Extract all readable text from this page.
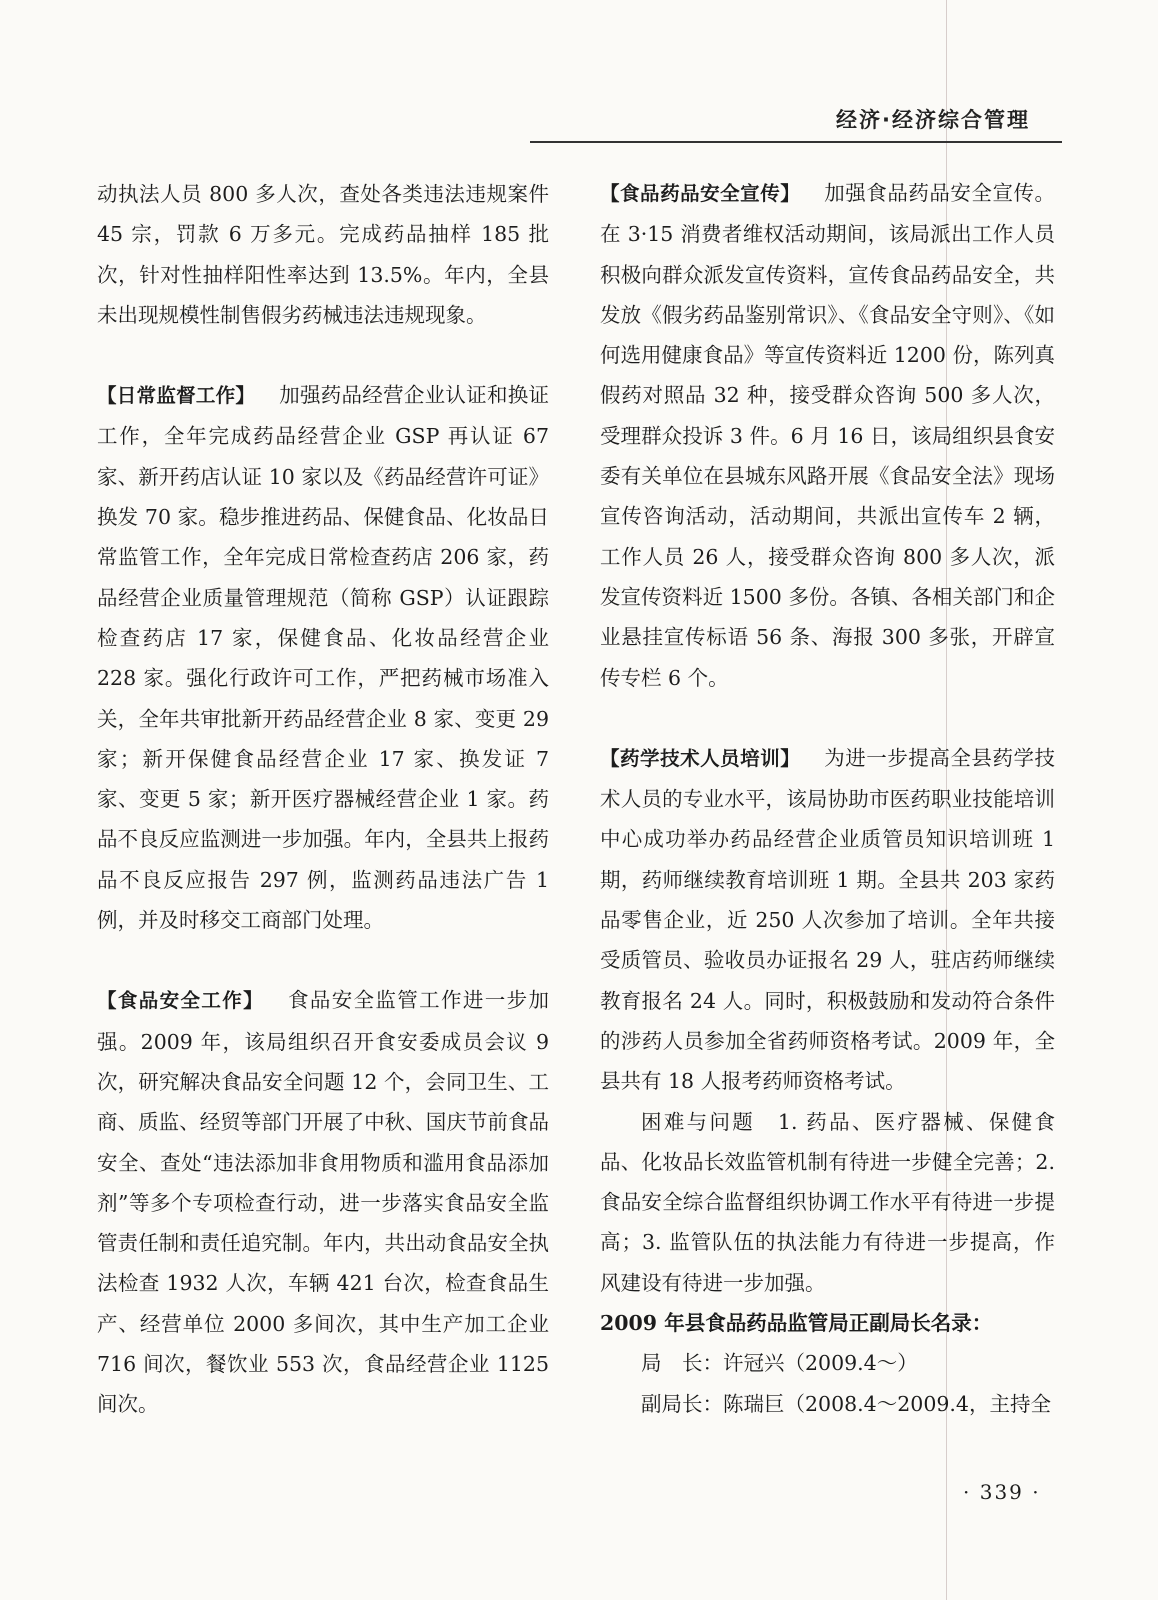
经济·经济综合管理

动执法人员 800 多人次，查处各类违法违规案件 45 宗，罚款 6 万多元。完成药品抽样 185 批次，针对性抽样阳性率达到 13.5%。年内，全县未出现规模性制售假劣药械违法违规现象。

【日常监督工作】 加强药品经营企业认证和换证工作，全年完成药品经营企业 GSP 再认证 67 家、新开药店认证 10 家以及《药品经营许可证》换发 70 家。稳步推进药品、保健食品、化妆品日常监管工作，全年完成日常检查药店 206 家，药品经营企业质量管理规范（简称 GSP）认证跟踪检查药店 17 家，保健食品、化妆品经营企业 228 家。强化行政许可工作，严把药械市场准入关，全年共审批新开药品经营企业 8 家、变更 29 家；新开保健食品经营企业 17 家、换发证 7 家、变更 5 家；新开医疗器械经营企业 1 家。药品不良反应监测进一步加强。年内，全县共上报药品不良反应报告 297 例，监测药品违法广告 1 例，并及时移交工商部门处理。

【食品安全工作】 食品安全监管工作进一步加强。2009 年，该局组织召开食安委成员会议 9 次，研究解决食品安全问题 12 个，会同卫生、工商、质监、经贸等部门开展了中秋、国庆节前食品安全、查处“违法添加非食用物质和滥用食品添加剂”等多个专项检查行动，进一步落实食品安全监管责任制和责任追究制。年内，共出动食品安全执法检查 1932 人次，车辆 421 台次，检查食品生产、经营单位 2000 多间次，其中生产加工企业 716 间次，餐饮业 553 次，食品经营企业 1125 间次。

【食品药品安全宣传】 加强食品药品安全宣传。在 3·15 消费者维权活动期间，该局派出工作人员积极向群众派发宣传资料，宣传食品药品安全，共发放《假劣药品鉴别常识》、《食品安全守则》、《如何选用健康食品》等宣传资料近 1200 份，陈列真假药对照品 32 种，接受群众咨询 500 多人次，受理群众投诉 3 件。6 月 16 日，该局组织县食安委有关单位在县城东风路开展《食品安全法》现场宣传咨询活动，活动期间，共派出宣传车 2 辆，工作人员 26 人，接受群众咨询 800 多人次，派发宣传资料近 1500 多份。各镇、各相关部门和企业悬挂宣传标语 56 条、海报 300 多张，开辟宣传专栏 6 个。

【药学技术人员培训】 为进一步提高全县药学技术人员的专业水平，该局协助市医药职业技能培训中心成功举办药品经营企业质管员知识培训班 1 期，药师继续教育培训班 1 期。全县共 203 家药品零售企业，近 250 人次参加了培训。全年共接受质管员、验收员办证报名 29 人，驻店药师继续教育报名 24 人。同时，积极鼓励和发动符合条件的涉药人员参加全省药师资格考试。2009 年，全县共有 18 人报考药师资格考试。

困难与问题　1. 药品、医疗器械、保健食品、化妆品长效监管机制有待进一步健全完善；2. 食品安全综合监督组织协调工作水平有待进一步提高；3. 监管队伍的执法能力有待进一步提高，作风建设有待进一步加强。

2009 年县食品药品监管局正副局长名录：

局　长：许冠兴（2009.4～）

副局长：陈瑞巨（2008.4～2009.4，主持全

· 339 ·
